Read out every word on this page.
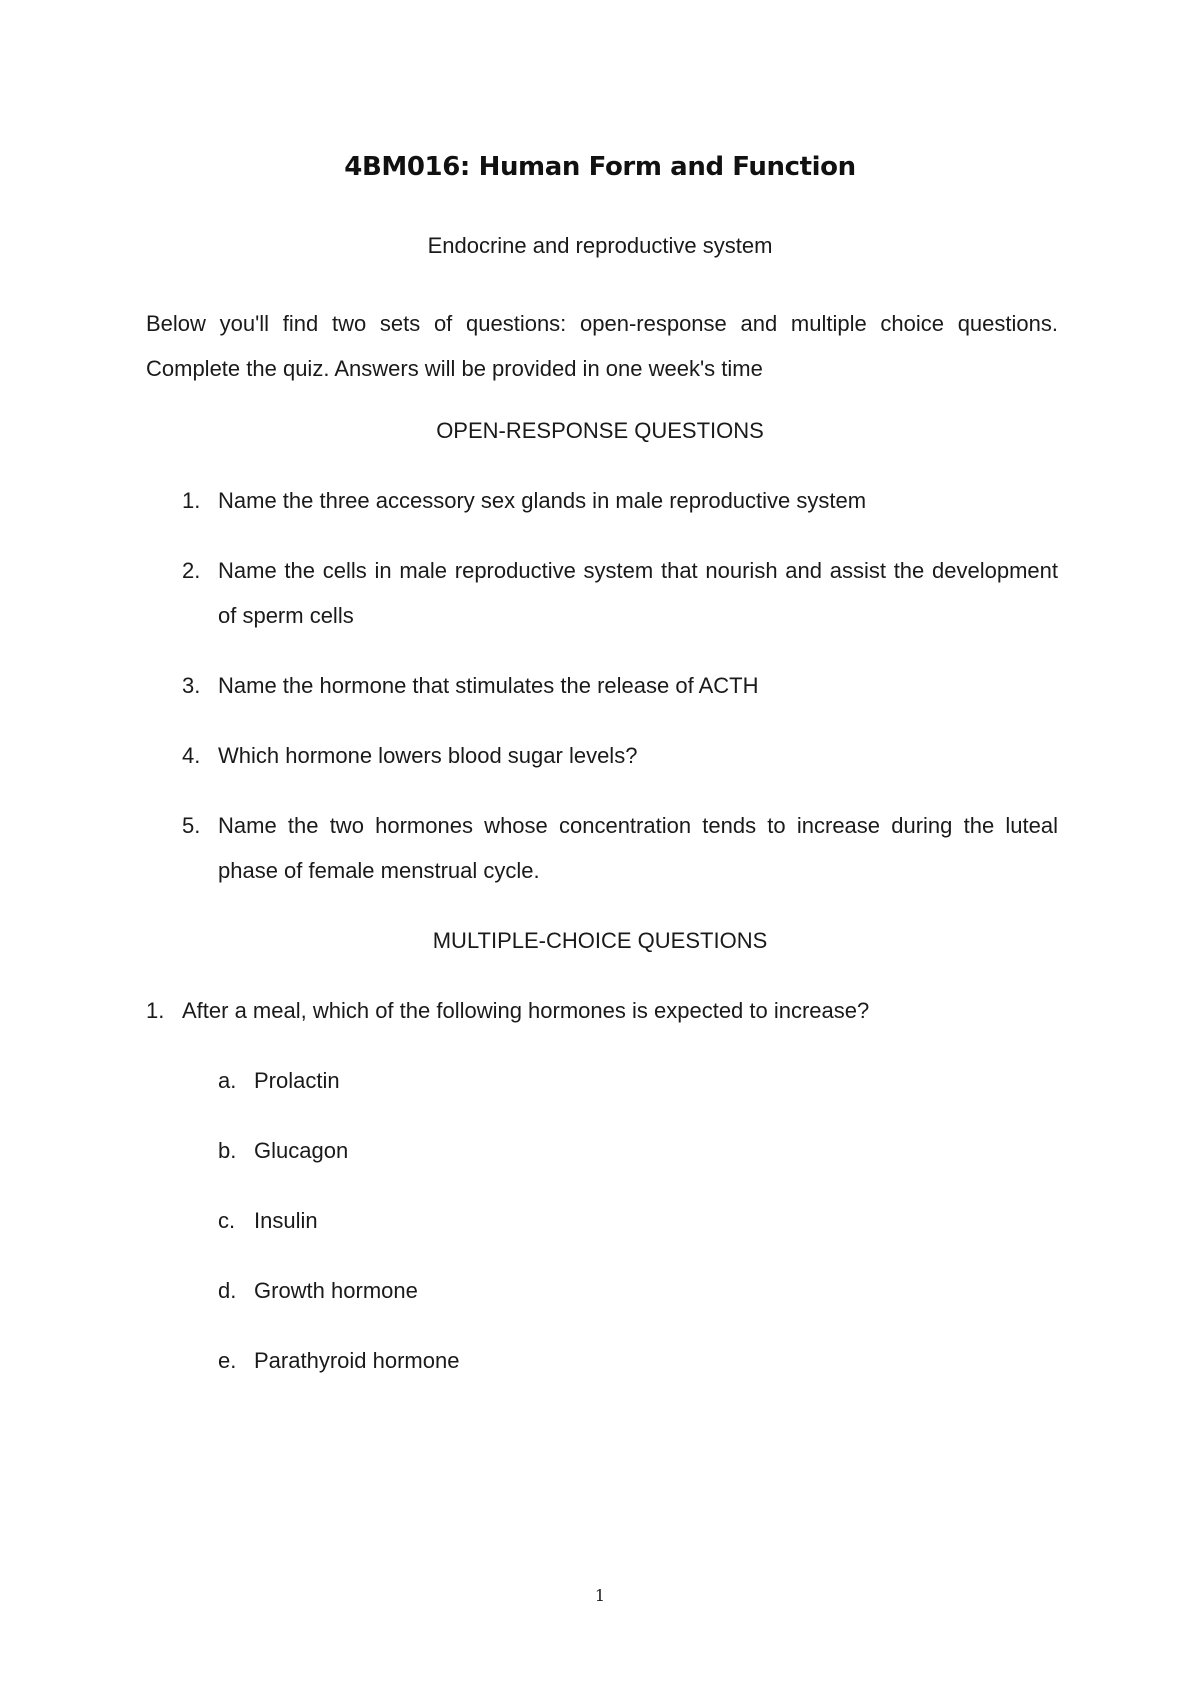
4BM016: Human Form and Function
Endocrine and reproductive system
Below you'll find two sets of questions: open-response and multiple choice questions. Complete the quiz. Answers will be provided in one week's time
OPEN-RESPONSE QUESTIONS
1. Name the three accessory sex glands in male reproductive system
2. Name the cells in male reproductive system that nourish and assist the development of sperm cells
3. Name the hormone that stimulates the release of ACTH
4. Which hormone lowers blood sugar levels?
5. Name the two hormones whose concentration tends to increase during the luteal phase of female menstrual cycle.
MULTIPLE-CHOICE QUESTIONS
1. After a meal, which of the following hormones is expected to increase?
a. Prolactin
b. Glucagon
c. Insulin
d. Growth hormone
e. Parathyroid hormone
1
